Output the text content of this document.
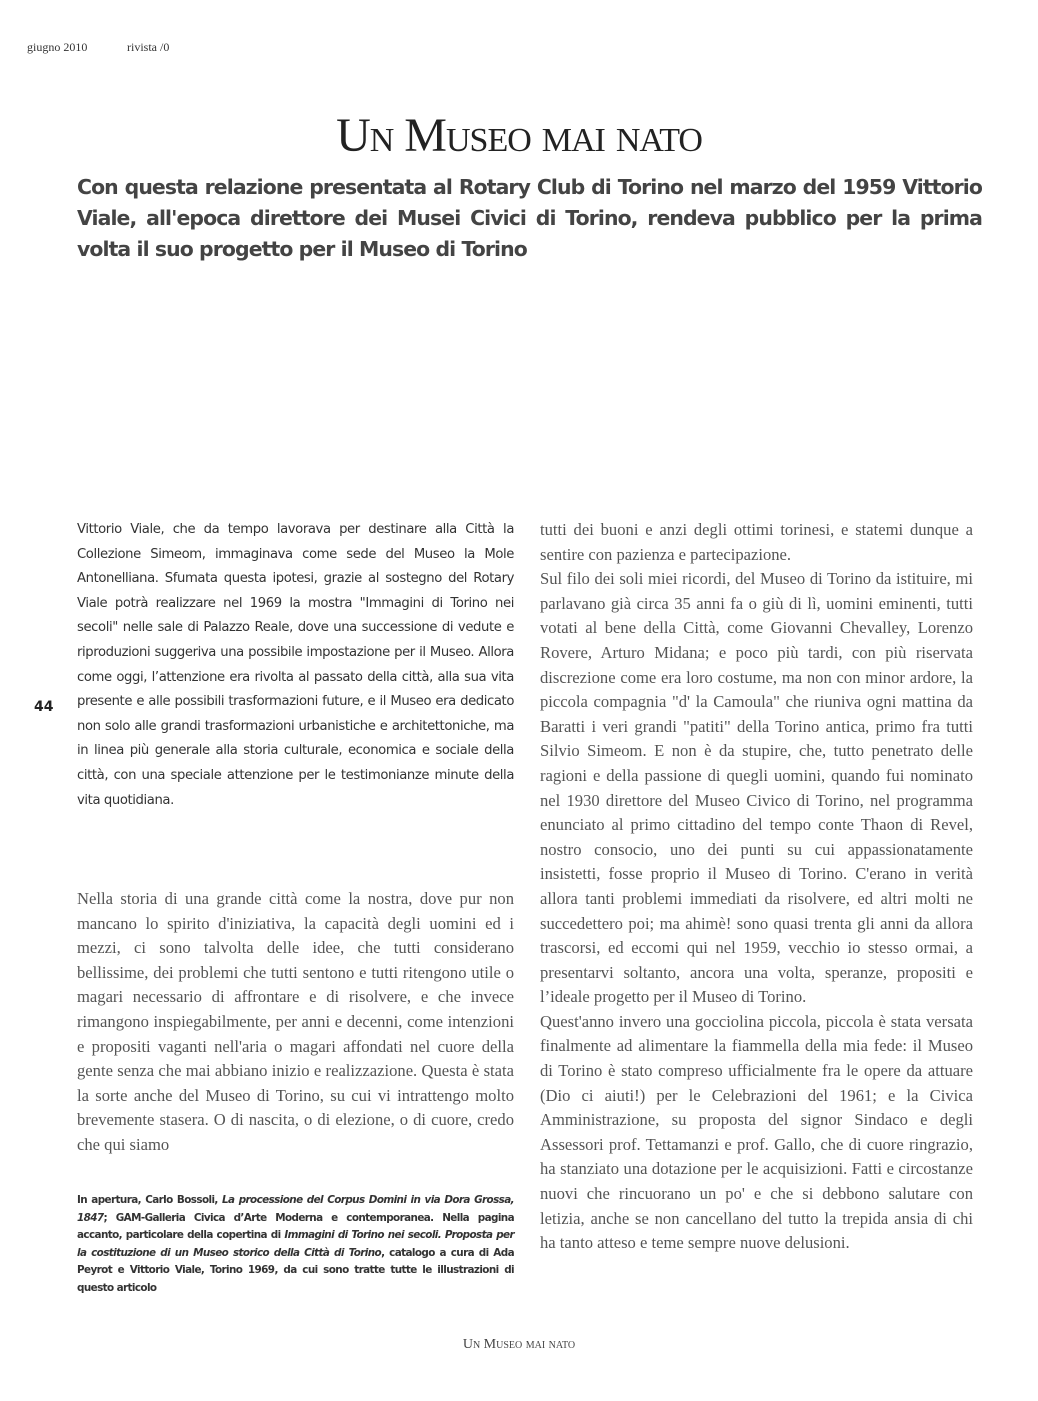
giugno 2010	rivista /0
Un Museo mai nato

Con questa relazione presentata al Rotary Club di Torino nel marzo del 1959 Vittorio Viale, all'epoca direttore dei Musei Civici di Torino, rendeva pubblico per la prima volta il suo progetto per il Museo di Torino

44

Vittorio Viale, che da tempo lavorava per destinare alla Città la Collezione Simeom, immaginava come sede del Museo la Mole Antonelliana. Sfumata questa ipotesi, grazie al sostegno del Rotary Viale potrà realizzare nel 1969 la mostra "Immagini di Torino nei secoli" nelle sale di Palazzo Reale, dove una successione di vedute e riproduzioni suggeriva una possibile impostazione per il Museo. Allora come oggi, l’attenzione era rivolta al passato della città, alla sua vita presente e alle possibili trasformazioni future, e il Museo era dedicato non solo alle grandi trasformazioni urbanistiche e architettoniche, ma in linea più generale alla storia culturale, economica e sociale della città, con una speciale attenzione per le testimonianze minute della vita quotidiana.

Nella storia di una grande città come la nostra, dove pur non mancano lo spirito d'iniziativa, la capacità degli uomini ed i mezzi, ci sono talvolta delle idee, che tutti considerano bellissime, dei problemi che tutti sentono e tutti ritengono utile o magari necessario di affrontare e di risolvere, e che invece rimangono inspiegabilmente, per anni e decenni, come intenzioni e propositi vaganti nell'aria o magari affondati nel cuore della gente senza che mai abbiano inizio e realizzazione. Questa è stata la sorte anche del Museo di Torino, su cui vi intrattengo molto brevemente stasera. O di nascita, o di elezione, o di cuore, credo che qui siamo

tutti dei buoni e anzi degli ottimi torinesi, e statemi dunque a sentire con pazienza e partecipazione.

Sul filo dei soli miei ricordi, del Museo di Torino da istituire, mi parlavano già circa 35 anni fa o giù di lì, uomini eminenti, tutti votati al bene della Città, come Giovanni Chevalley, Lorenzo Rovere, Arturo Midana; e poco più tardi, con più riservata discrezione come era loro costume, ma non con minor ardore, la piccola compagnia "d' la Camoula" che riuniva ogni mattina da Baratti i veri grandi "patiti" della Torino antica, primo fra tutti Silvio Simeom. E non è da stupire, che, tutto penetrato delle ragioni e della passione di quegli uomini, quando fui nominato nel 1930 direttore del Museo Civico di Torino, nel programma enunciato al primo cittadino del tempo conte Thaon di Revel, nostro consocio, uno dei punti su cui appassionatamente insistetti, fosse proprio il Museo di Torino. C'erano in verità allora tanti problemi immediati da risolvere, ed altri molti ne succedettero poi; ma ahimè! sono quasi trenta gli anni da allora trascorsi, ed eccomi qui nel 1959, vecchio io stesso ormai, a presentarvi soltanto, ancora una volta, speranze, propositi e l’ideale progetto per il Museo di Torino.

Quest'anno invero una gocciolina piccola, piccola è stata versata finalmente ad alimentare la fiammella della mia fede: il Museo di Torino è stato compreso ufficialmente fra le opere da attuare (Dio ci aiuti!) per le Celebrazioni del 1961; e la Civica Amministrazione, su proposta del signor Sindaco e degli Assessori prof. Tettamanzi e prof. Gallo, che di cuore ringrazio, ha stanziato una dotazione per le acquisizioni. Fatti e circostanze nuovi che rincuorano un po' e che si debbono salutare con letizia, anche se non cancellano del tutto la trepida ansia di chi ha tanto atteso e teme sempre nuove delusioni.

In apertura, Carlo Bossoli, La processione del Corpus Domini in via Dora Grossa, 1847; GAM-Galleria Civica d’Arte Moderna e contemporanea. Nella pagina accanto, particolare della copertina di Immagini di Torino nei secoli. Proposta per la costituzione di un Museo storico della Città di Torino, catalogo a cura di Ada Peyrot e Vittorio Viale, Torino 1969, da cui sono tratte tutte le illustrazioni di questo articolo

Un Museo mai nato
